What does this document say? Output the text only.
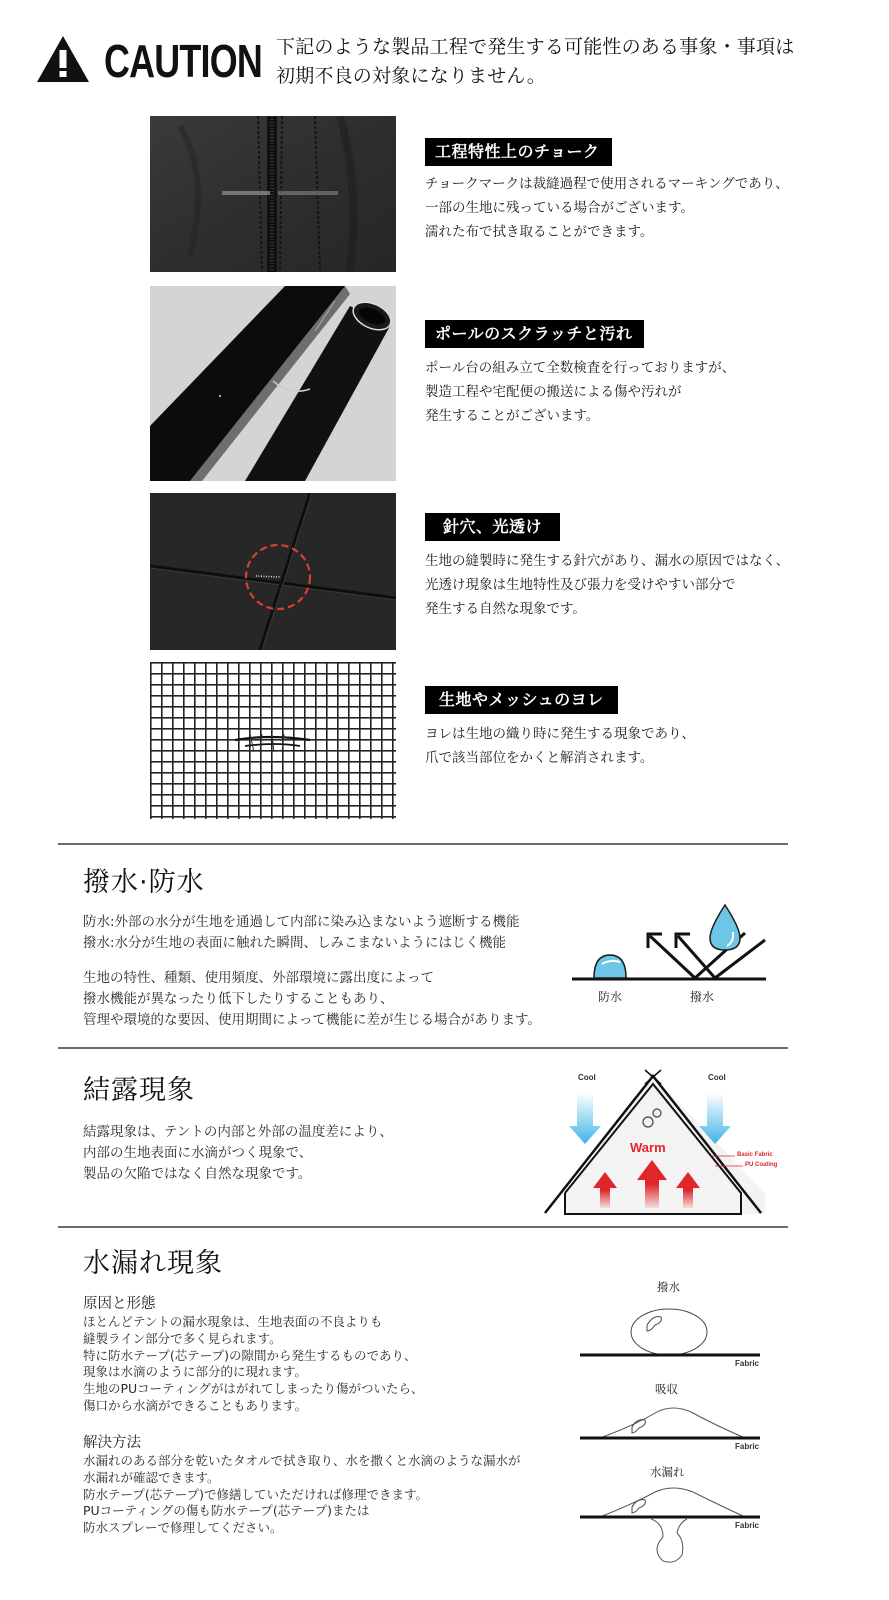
CAUTION 下記のような製品工程で発生する可能性のある事象・事項は
初期不良の対象になりません。
工程特性上のチョーク
チョークマークは裁縫過程で使用されるマーキングであり、
一部の生地に残っている場合がございます。
濡れた布で拭き取ることができます。
ポールのスクラッチと汚れ
ポール台の組み立て全数検査を行っておりますが、
製造工程や宅配便の搬送による傷や汚れが
発生することがございます。
針穴、光透け
生地の縫製時に発生する針穴があり、漏水の原因ではなく、
光透け現象は生地特性及び張力を受けやすい部分で
発生する自然な現象です。
生地やメッシュのヨレ
ヨレは生地の織り時に発生する現象であり、
爪で該当部位をかくと解消されます。
撥水·防水

防水:外部の水分が生地を通過して内部に染み込まないよう遮断する機能

撥水:水分が生地の表面に触れた瞬間、しみこまないようにはじく機能

生地の特性、種類、使用頻度、外部環境に露出度によって

撥水機能が異なったり低下したりすることもあり、

管理や環境的な要因、使用期間によって機能に差が生じる場合があります。

防水	撥水
結露現象

結露現象は、テントの内部と外部の温度差により、

内部の生地表面に水滴がつく現象で、

製品の欠陥ではなく自然な現象です。

Cool	Cool
Warm	Basic Fabric
PU Coating
水漏れ現象
原因と形態

ほとんどテントの漏水現象は、生地表面の不良よりも

縫製ライン部分で多く見られます。

特に防水テープ(芯テープ)の隙間から発生するものであり、

現象は水滴のように部分的に現れます。

生地のPUコーティングがはがれてしまったり傷がついたら、

傷口から水滴ができることもあります。

解決方法

水漏れのある部分を乾いたタオルで拭き取り、水を撒くと水滴のような漏水が

水漏れが確認できます。

防水テープ(芯テープ)で修繕していただければ修理できます。

PUコーティングの傷も防水テープ(芯テープ)または

防水スプレーで修理してください。

撥水
Fabric
吸収
Fabric
水漏れ
Fabric
